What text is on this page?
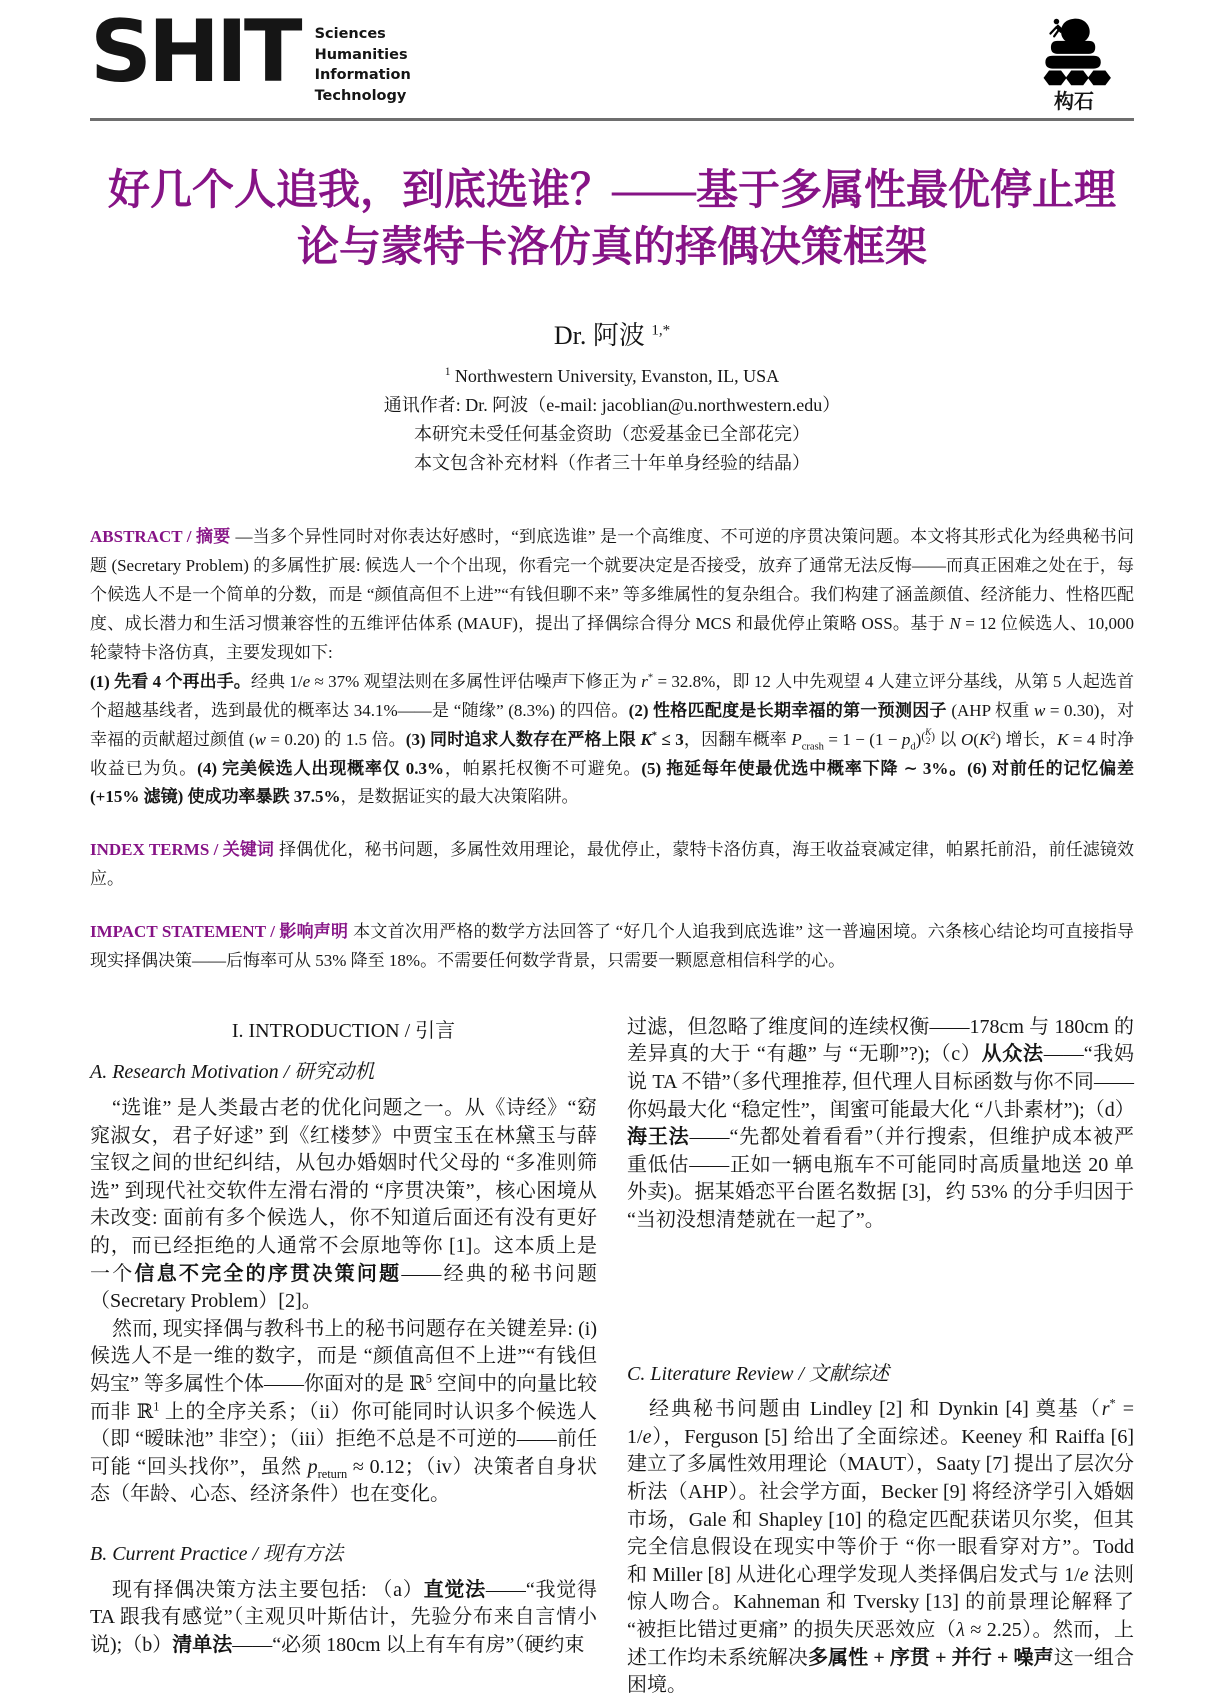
SHIT Sciences
Humanities
Information
Technology	构石
好几个人追我，到底选谁？——基于多属性最优停止理论与蒙特卡洛仿真的择偶决策框架
Dr. 阿波 $^{1,*}$
$^1$ Northwestern University, Evanston, IL, USA
通讯作者: Dr. 阿波（e-mail: jacoblian@u.northwestern.edu）
本研究未受任何基金资助（恋爱基金已全部花完）
本文包含补充材料（作者三十年单身经验的结晶）

ABSTRACT / 摘要 —当多个异性同时对你表达好感时，“到底选谁” 是一个高维度、不可逆的序贯决策问题。本文将其形式化为经典秘书问题 (Secretary Problem) 的多属性扩展: 候选人一个个出现，你看完一个就要决定是否接受，放弃了通常无法反悔——而真正困难之处在于，每个候选人不是一个简单的分数，而是 “颜值高但不上进”“有钱但聊不来” 等多维属性的复杂组合。我们构建了涵盖颜值、经济能力、性格匹配度、成长潜力和生活习惯兼容性的五维评估体系 (MAUF)，提出了择偶综合得分 MCS 和最优停止策略 OSS。基于 N = 12 位候选人、10,000 轮蒙特卡洛仿真，主要发现如下:

(1) 先看 4 个再出手。经典 1/e ≈ 37% 观望法则在多属性评估噪声下修正为 r* = 32.8%，即 12 人中先观望 4 人建立评分基线，从第 5 人起选首个超越基线者，选到最优的概率达 34.1%——是 “随缘” (8.3%) 的四倍。(2) 性格匹配度是长期幸福的第一预测因子 (AHP 权重 w = 0.30)，对幸福的贡献超过颜值 (w = 0.20) 的 1.5 倍。(3) 同时追求人数存在严格上限 K* ≤ 3，因翻车概率 $P_{crash} = 1 - (1 - p_d)$ ( K
2 ) 以 $O(K^2)$ 增长，K = 4 时净收益已为负。(4) 完美候选人出现概率仅 0.3%，帕累托权衡不可避免。(5) 拖延每年使最优选中概率下降 ∼ 3%。(6) 对前任的记忆偏差 (+15% 滤镜) 使成功率暴跌 37.5%，是数据证实的最大决策陷阱。

INDEX TERMS / 关键词 择偶优化，秘书问题，多属性效用理论，最优停止，蒙特卡洛仿真，海王收益衰减定律，帕累托前沿，前任滤镜效应。

IMPACT STATEMENT / 影响声明 本文首次用严格的数学方法回答了 “好几个人追我到底选谁” 这一普遍困境。六条核心结论均可直接指导现实择偶决策——后悔率可从 53% 降至 18%。不需要任何数学背景，只需要一颗愿意相信科学的心。

I. INTRODUCTION / 引言
A. Research Motivation / 研究动机

“选谁” 是人类最古老的优化问题之一。从《诗经》“窈窕淑女，君子好逑” 到《红楼梦》中贾宝玉在林黛玉与薛宝钗之间的世纪纠结，从包办婚姻时代父母的 “多准则筛选” 到现代社交软件左滑右滑的 “序贯决策”，核心困境从未改变: 面前有多个候选人，你不知道后面还有没有更好的，而已经拒绝的人通常不会原地等你 [1]。这本质上是一个信息不完全的序贯决策问题——经典的秘书问题（Secretary Problem）[2]。

然而, 现实择偶与教科书上的秘书问题存在关键差异: (i) 候选人不是一维的数字，而是 “颜值高但不上进”“有钱但妈宝” 等多属性个体——你面对的是 ℝ$^5$ 空间中的向量比较而非 ℝ$^1$ 上的全序关系；（ii）你可能同时认识多个候选人（即 “暧昧池” 非空）；（iii）拒绝不总是不可逆的——前任可能 “回头找你”，虽然 $p_{return} \approx 0.12$；（iv）决策者自身状态（年龄、心态、经济条件）也在变化。

B. Current Practice / 现有方法

现有择偶决策方法主要包括: （a）直觉法——“我觉得 TA 跟我有感觉”（主观贝叶斯估计，先验分布来自言情小说);（b）清单法——“必须 180cm 以上有车有房”（硬约束

过滤，但忽略了维度间的连续权衡——178cm 与 180cm 的差异真的大于 “有趣” 与 “无聊”?);（c）从众法——“我妈说 TA 不错”（多代理推荐, 但代理人目标函数与你不同——你妈最大化 “稳定性”，闺蜜可能最大化 “八卦素材”);（d）海王法——“先都处着看看”（并行搜索，但维护成本被严重低估——正如一辆电瓶车不可能同时高质量地送 20 单外卖)。据某婚恋平台匿名数据 [3]，约 53% 的分手归因于 “当初没想清楚就在一起了”。

C. Literature Review / 文献综述

经典秘书问题由 Lindley [2] 和 Dynkin [4] 奠基（r* = 1/e），Ferguson [5] 给出了全面综述。Keeney 和 Raiffa [6] 建立了多属性效用理论（MAUT），Saaty [7] 提出了层次分析法（AHP）。社会学方面，Becker [9] 将经济学引入婚姻市场，Gale 和 Shapley [10] 的稳定匹配获诺贝尔奖，但其完全信息假设在现实中等价于 “你一眼看穿对方”。Todd 和 Miller [8] 从进化心理学发现人类择偶启发式与 1/e 法则惊人吻合。Kahneman 和 Tversky [13] 的前景理论解释了 “被拒比错过更痛” 的损失厌恶效应（λ ≈ 2.25）。然而，上述工作均未系统解决多属性 + 序贯 + 并行 + 噪声这一组合困境。
